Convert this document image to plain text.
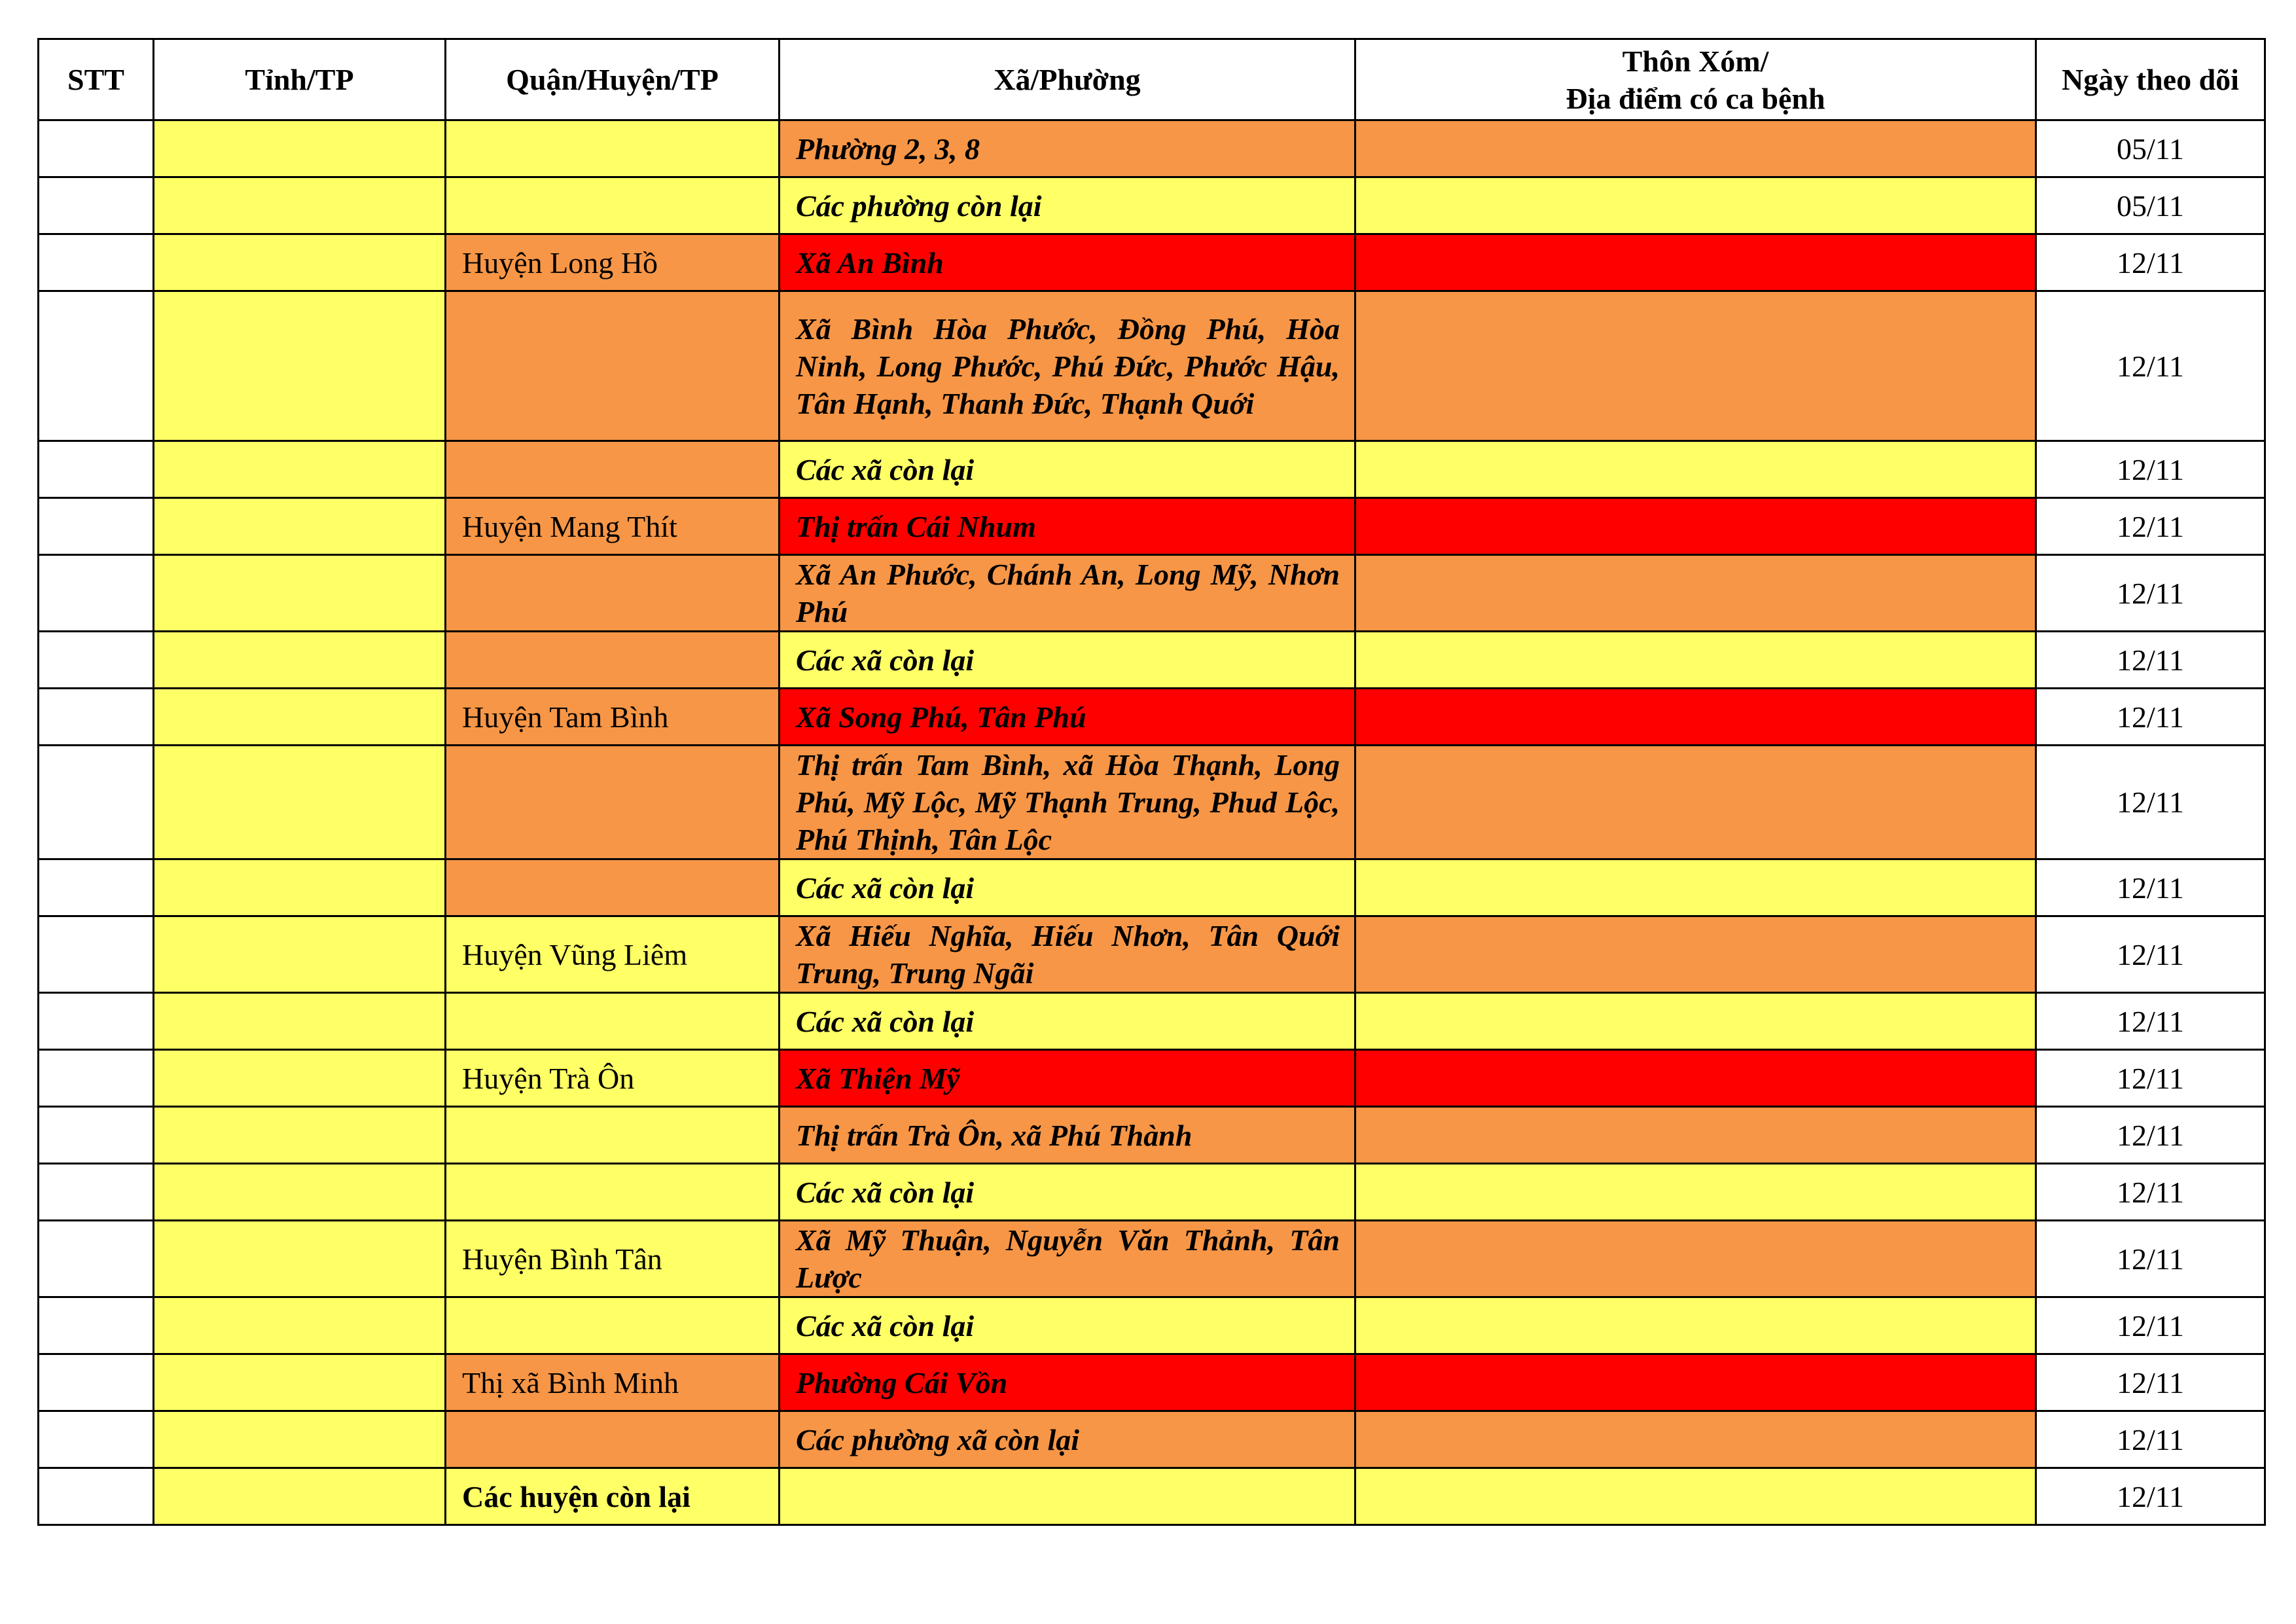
STT	Tỉnh/TP	Quận/Huyện/TP	Xã/Phường	Thôn Xóm/
Địa điểm có ca bệnh	Ngày theo dõi
			Phường 2, 3, 8		05/11
			Các phường còn lại		05/11
		Huyện Long Hồ	Xã An Bình		12/11
			Xã Bình Hòa Phước, Đồng Phú, Hòa Ninh, Long Phước, Phú Đức, Phước Hậu, Tân Hạnh, Thanh Đức, Thạnh Quới		12/11
			Các xã còn lại		12/11
		Huyện Mang Thít	Thị trấn Cái Nhum		12/11
			Xã An Phước, Chánh An, Long Mỹ, Nhơn Phú		12/11
			Các xã còn lại		12/11
		Huyện Tam Bình	Xã Song Phú, Tân Phú		12/11
			Thị trấn Tam Bình, xã Hòa Thạnh, Long Phú, Mỹ Lộc, Mỹ Thạnh Trung, Phud Lộc, Phú Thịnh, Tân Lộc		12/11
			Các xã còn lại		12/11
		Huyện Vũng Liêm	Xã Hiếu Nghĩa, Hiếu Nhơn, Tân Quới Trung, Trung Ngãi		12/11
			Các xã còn lại		12/11
		Huyện Trà Ôn	Xã Thiện Mỹ		12/11
			Thị trấn Trà Ôn, xã Phú Thành		12/11
			Các xã còn lại		12/11
		Huyện Bình Tân	Xã Mỹ Thuận, Nguyễn Văn Thảnh, Tân Lược		12/11
			Các xã còn lại		12/11
		Thị xã Bình Minh	Phường Cái Vồn		12/11
			Các phường xã còn lại		12/11
		Các huyện còn lại			12/11
